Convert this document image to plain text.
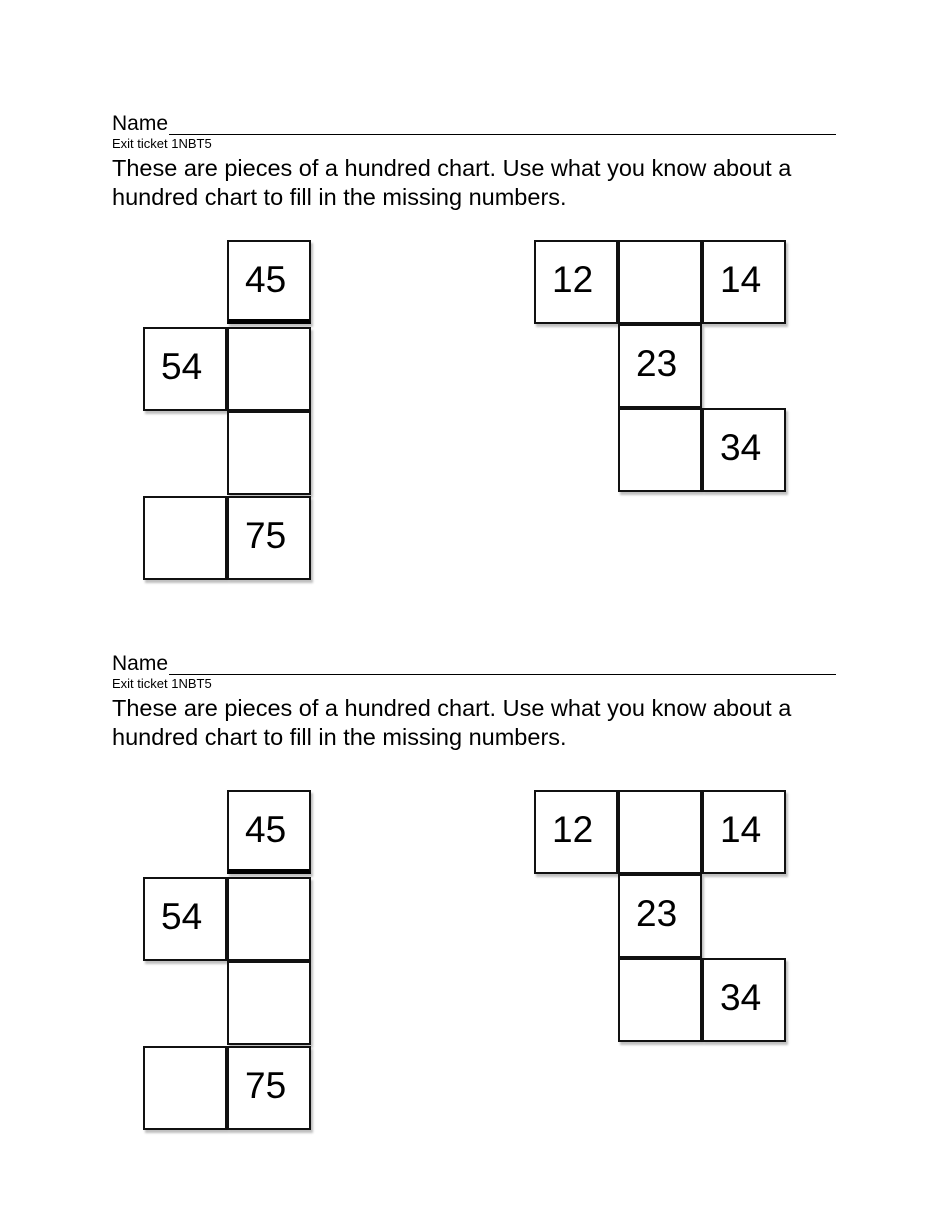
Name
Exit ticket 1NBT5
These are pieces of a hundred chart. Use what you know about a hundred chart to fill in the missing numbers.
45
54
75
12	14
23
34
Name
Exit ticket 1NBT5
These are pieces of a hundred chart. Use what you know about a hundred chart to fill in the missing numbers.
45
54
75
12	14
23
34
